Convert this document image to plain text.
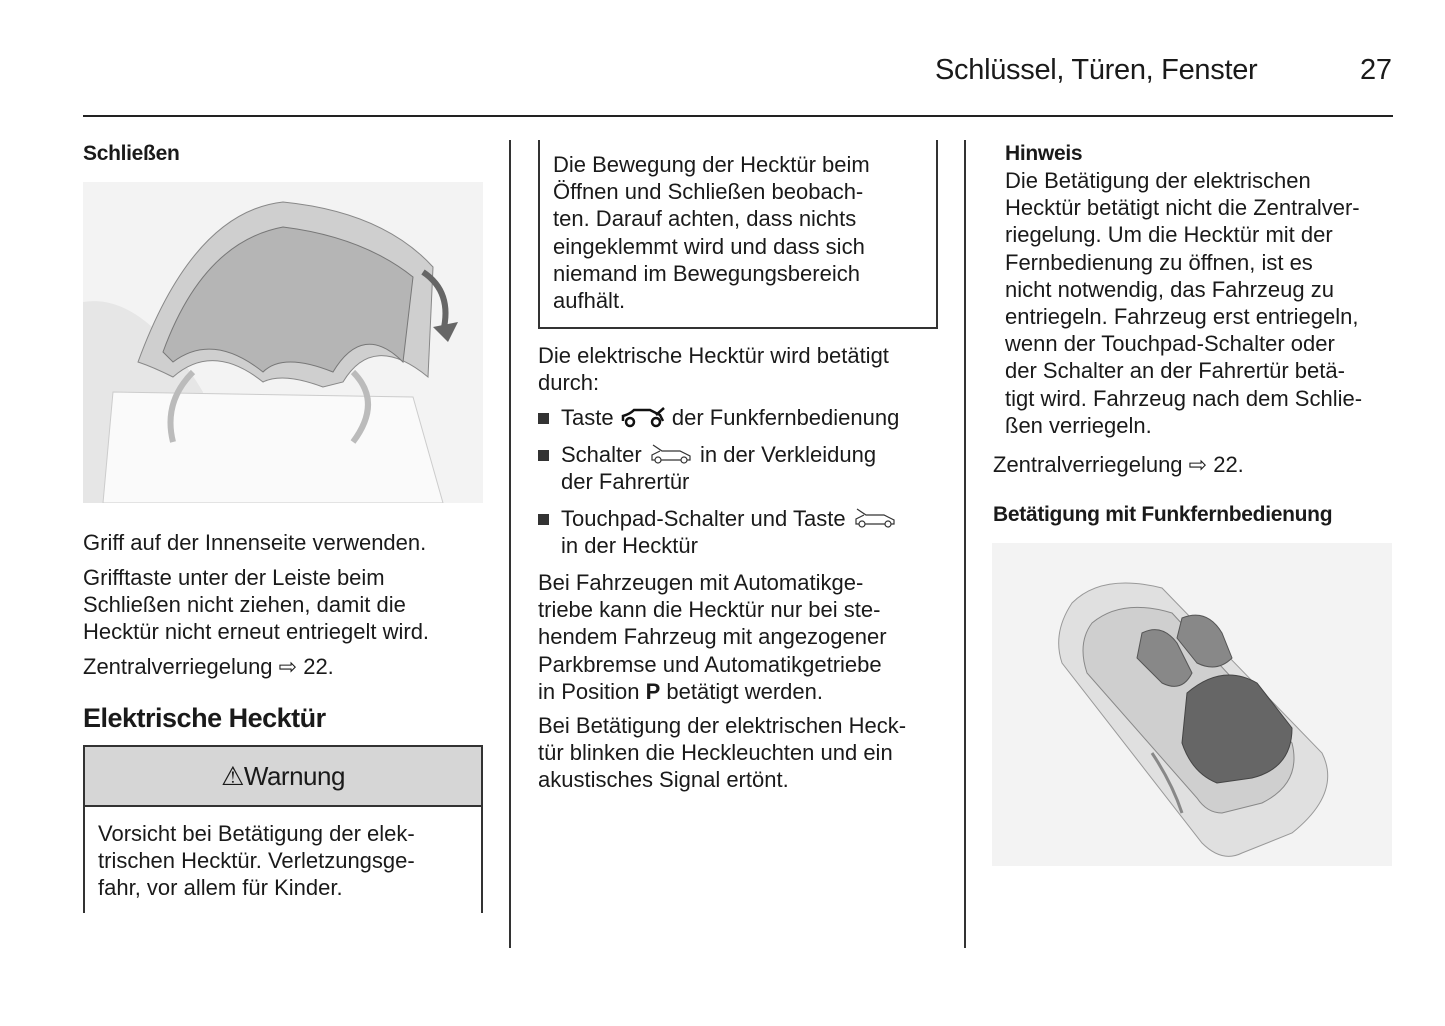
Schlüssel, Türen, Fenster	27
Schließen
Griff auf der Innenseite verwenden.
Grifftaste unter der Leiste beim
Schließen nicht ziehen, damit die
Hecktür nicht erneut entriegelt wird.
Zentralverriegelung ⇨ 22.
Elektrische Hecktür
⚠ Warnung
Vorsicht bei Betätigung der elek-
trischen Hecktür. Verletzungsge-
fahr, vor allem für Kinder.
Die Bewegung der Hecktür beim
Öffnen und Schließen beobach-
ten. Darauf achten, dass nichts
eingeklemmt wird und dass sich
niemand im Bewegungsbereich
aufhält.
Die elektrische Hecktür wird betätigt
durch:
Taste	der Funkfernbedienung
Schalter	in der Verkleidung
der Fahrertür
Touchpad-Schalter und Taste
in der Hecktür
Bei Fahrzeugen mit Automatikge-
triebe kann die Hecktür nur bei ste-
hendem Fahrzeug mit angezogener
Parkbremse und Automatikgetriebe
in Position P betätigt werden.
Bei Betätigung der elektrischen Heck-
tür blinken die Heckleuchten und ein
akustisches Signal ertönt.
Hinweis
Die Betätigung der elektrischen
Hecktür betätigt nicht die Zentralver-
riegelung. Um die Hecktür mit der
Fernbedienung zu öffnen, ist es
nicht notwendig, das Fahrzeug zu
entriegeln. Fahrzeug erst entriegeln,
wenn der Touchpad-Schalter oder
der Schalter an der Fahrertür betä-
tigt wird. Fahrzeug nach dem Schlie-
ßen verriegeln.
Zentralverriegelung ⇨ 22.
Betätigung mit Funkfernbedienung
